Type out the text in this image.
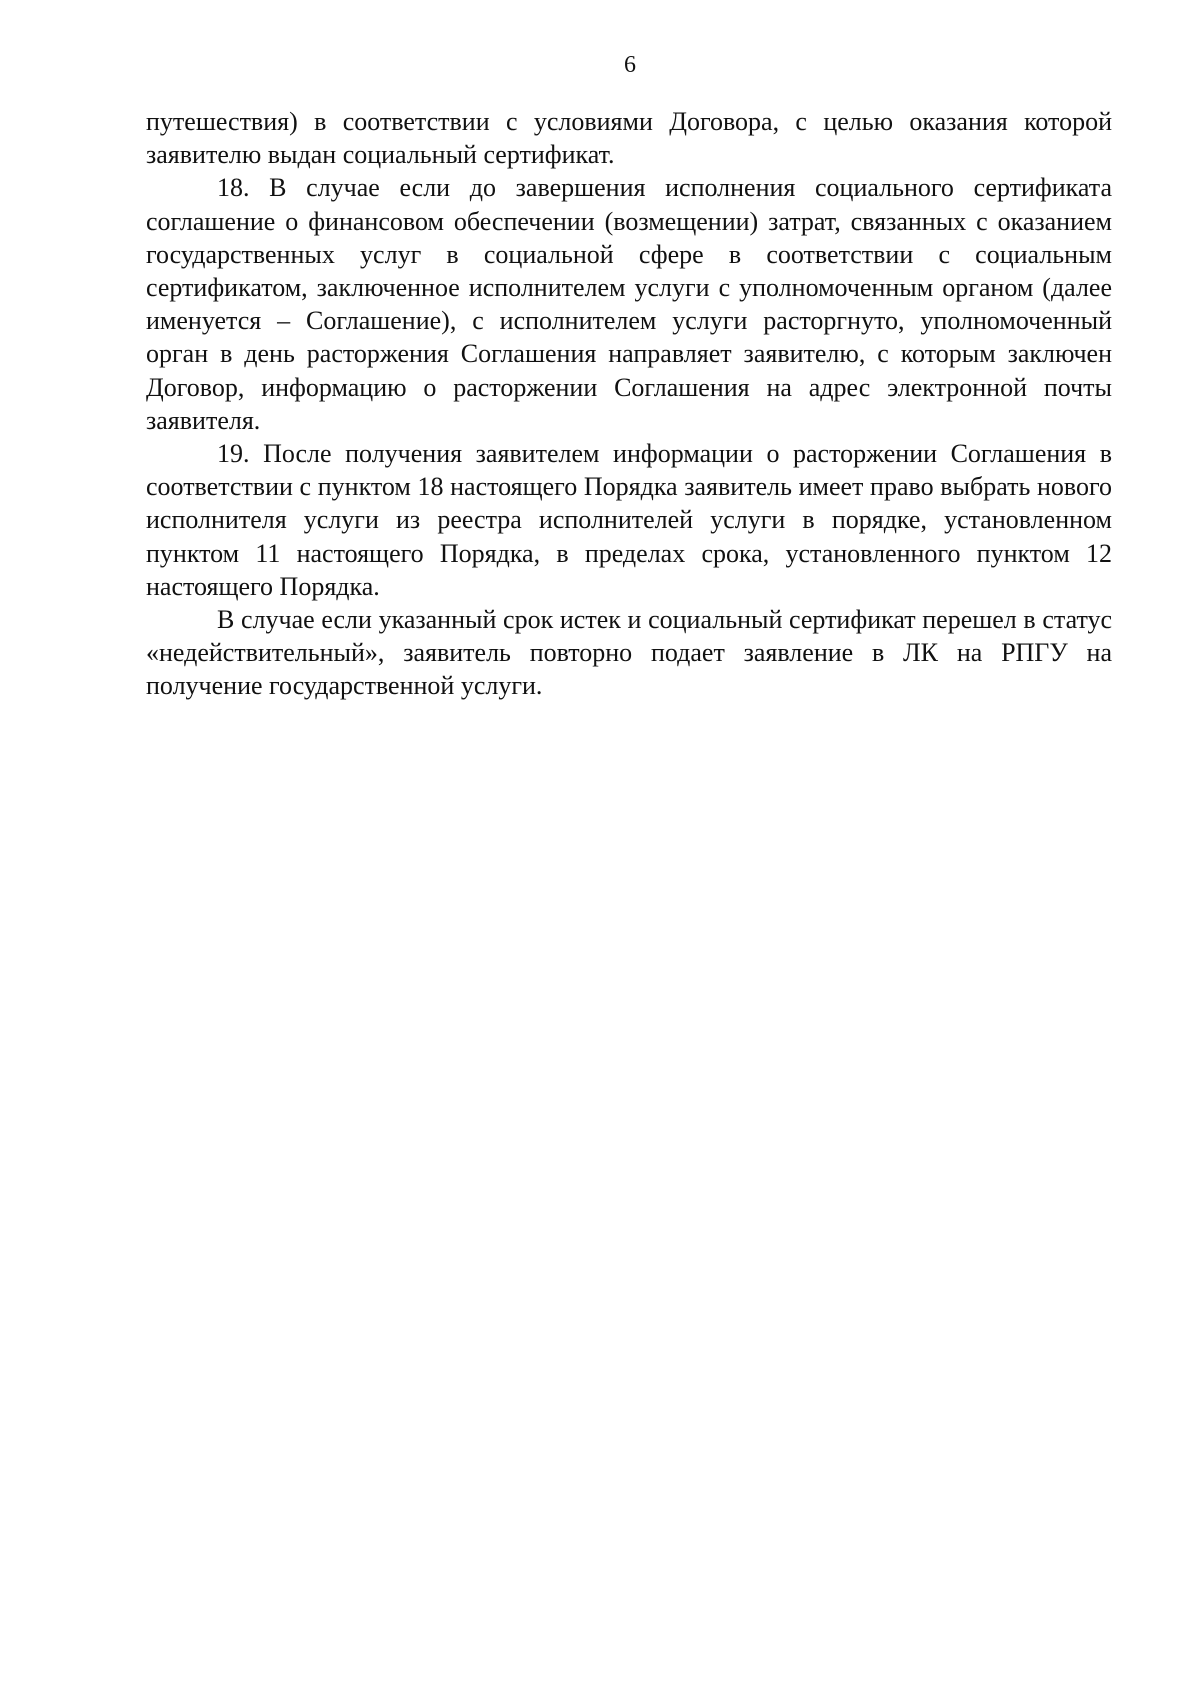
6

путешествия) в соответствии с условиями Договора, с целью оказания которой заявителю выдан социальный сертификат.

18. В случае если до завершения исполнения социального сертификата соглашение о финансовом обеспечении (возмещении) затрат, связанных с оказанием государственных услуг в социальной сфере в соответствии с социальным сертификатом, заключенное исполнителем услуги с уполномоченным органом (далее именуется – Соглашение), с исполнителем услуги расторгнуто, уполномоченный орган в день расторжения Соглашения направляет заявителю, с которым заключен Договор, информацию о расторжении Соглашения на адрес электронной почты заявителя.

19. После получения заявителем информации о расторжении Соглашения в соответствии с пунктом 18 настоящего Порядка заявитель имеет право выбрать нового исполнителя услуги из реестра исполнителей услуги в порядке, установленном пунктом 11 настоящего Порядка, в пределах срока, установленного пунктом 12 настоящего Порядка.

В случае если указанный срок истек и социальный сертификат перешел в статус «недействительный», заявитель повторно подает заявление в ЛК на РПГУ на получение государственной услуги.
